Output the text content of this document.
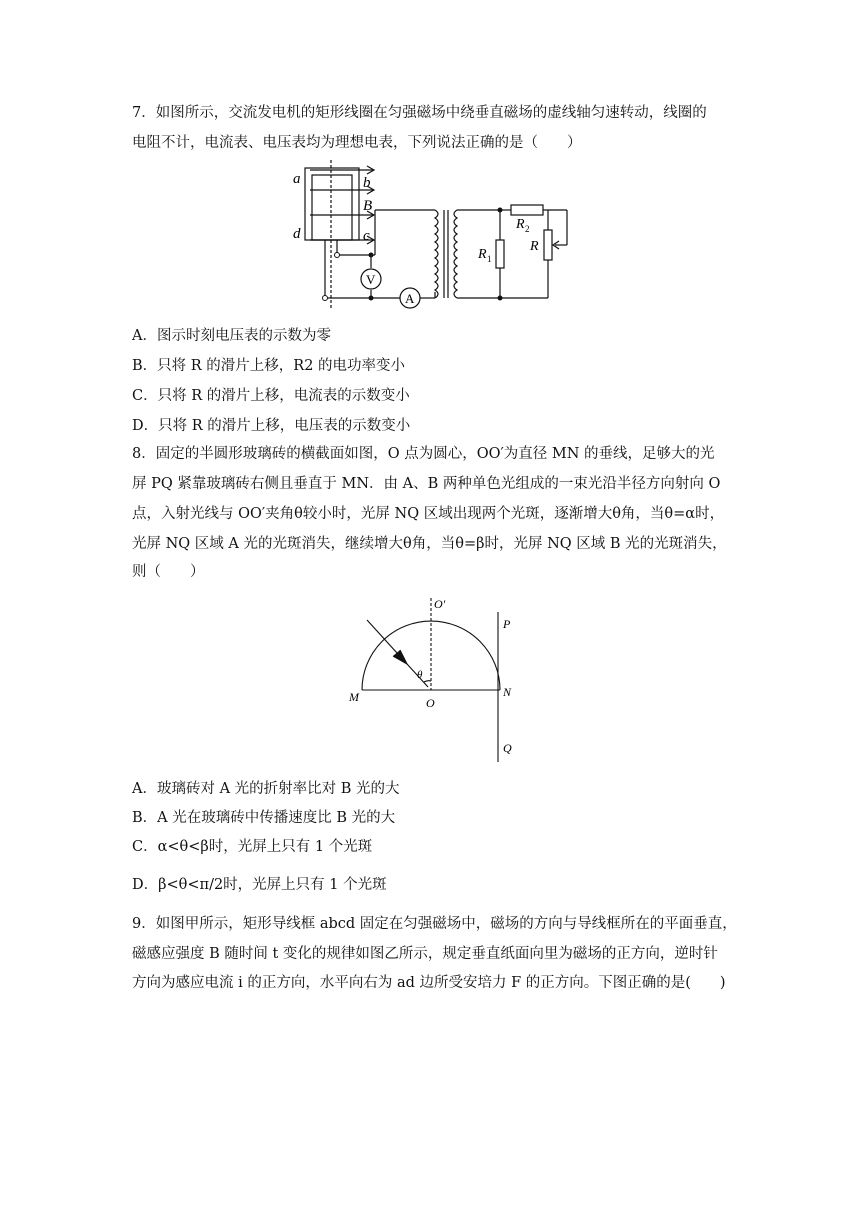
7．如图所示，交流发电机的矩形线圈在匀强磁场中绕垂直磁场的虚线轴匀速转动，线圈的
电阻不计，电流表、电压表均为理想电表，下列说法正确的是（　　）
a	b
B
c
d
V
A
R 1
R 2
R
A．图示时刻电压表的示数为零
B．只将 R 的滑片上移，R2 的电功率变小
C．只将 R 的滑片上移，电流表的示数变小
D．只将 R 的滑片上移，电压表的示数变小
8．固定的半圆形玻璃砖的横截面如图，O 点为圆心，OO′为直径 MN 的垂线，足够大的光
屏 PQ 紧靠玻璃砖右侧且垂直于 MN．由 A、B 两种单色光组成的一束光沿半径方向射向 O
点，入射光线与 OO′夹角θ较小时，光屏 NQ 区域出现两个光斑，逐渐增大θ角，当θ=α时，
光屏 NQ 区域 A 光的光斑消失，继续增大θ角，当θ=β时，光屏 NQ 区域 B 光的光斑消失，
则（　　）
O′
P
θ
M	O
N
Q
A．玻璃砖对 A 光的折射率比对 B 光的大
B．A 光在玻璃砖中传播速度比 B 光的大
C．α<θ<β时，光屏上只有 1 个光斑
D．β<θ<π/2时，光屏上只有 1 个光斑
9．如图甲所示，矩形导线框 abcd 固定在匀强磁场中，磁场的方向与导线框所在的平面垂直，
磁感应强度 B 随时间 t 变化的规律如图乙所示，规定垂直纸面向里为磁场的正方向，逆时针
方向为感应电流 i 的正方向，水平向右为 ad 边所受安培力 F 的正方向。下图正确的是(　　)
